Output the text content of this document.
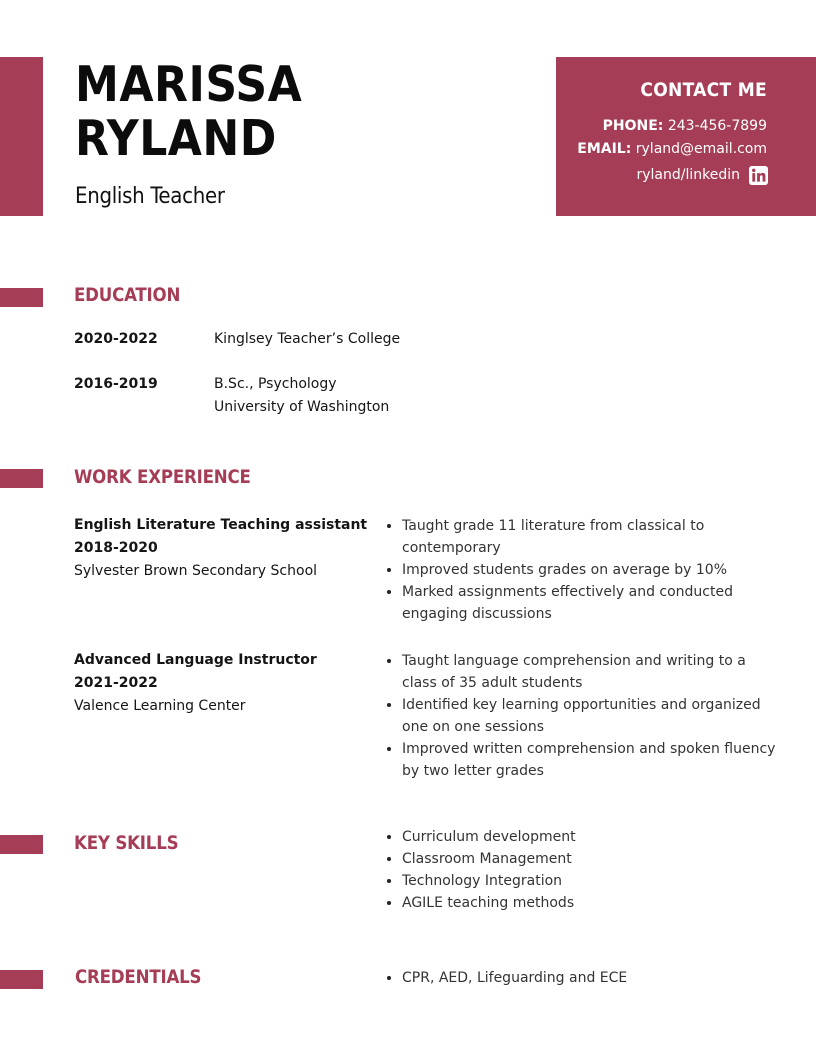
MARISSA
RYLAND

English Teacher

CONTACT ME
PHONE: 243-456-7899
EMAIL: ryland@email.com
ryland/linkedin
EDUCATION

2020-2022	Kinglsey Teacher’s College

2016-2019	B.Sc., Psychology

University of Washington

WORK EXPERIENCE

English Literature Teaching assistant

2018-2020

Sylvester Brown Secondary School

• Taught grade 11 literature from classical to contemporary
• Improved students grades on average by 10%
• Marked assignments effectively and conducted engaging discussions

Advanced Language Instructor

2021-2022

Valence Learning Center

• Taught language comprehension and writing to a class of 35 adult students
• Identified key learning opportunities and organized one on one sessions
• Improved written comprehension and spoken fluency by two letter grades
KEY SKILLS	• Curriculum development
• Classroom Management
• Technology Integration
• AGILE teaching methods
CREDENTIALS	• CPR, AED, Lifeguarding and ECE
